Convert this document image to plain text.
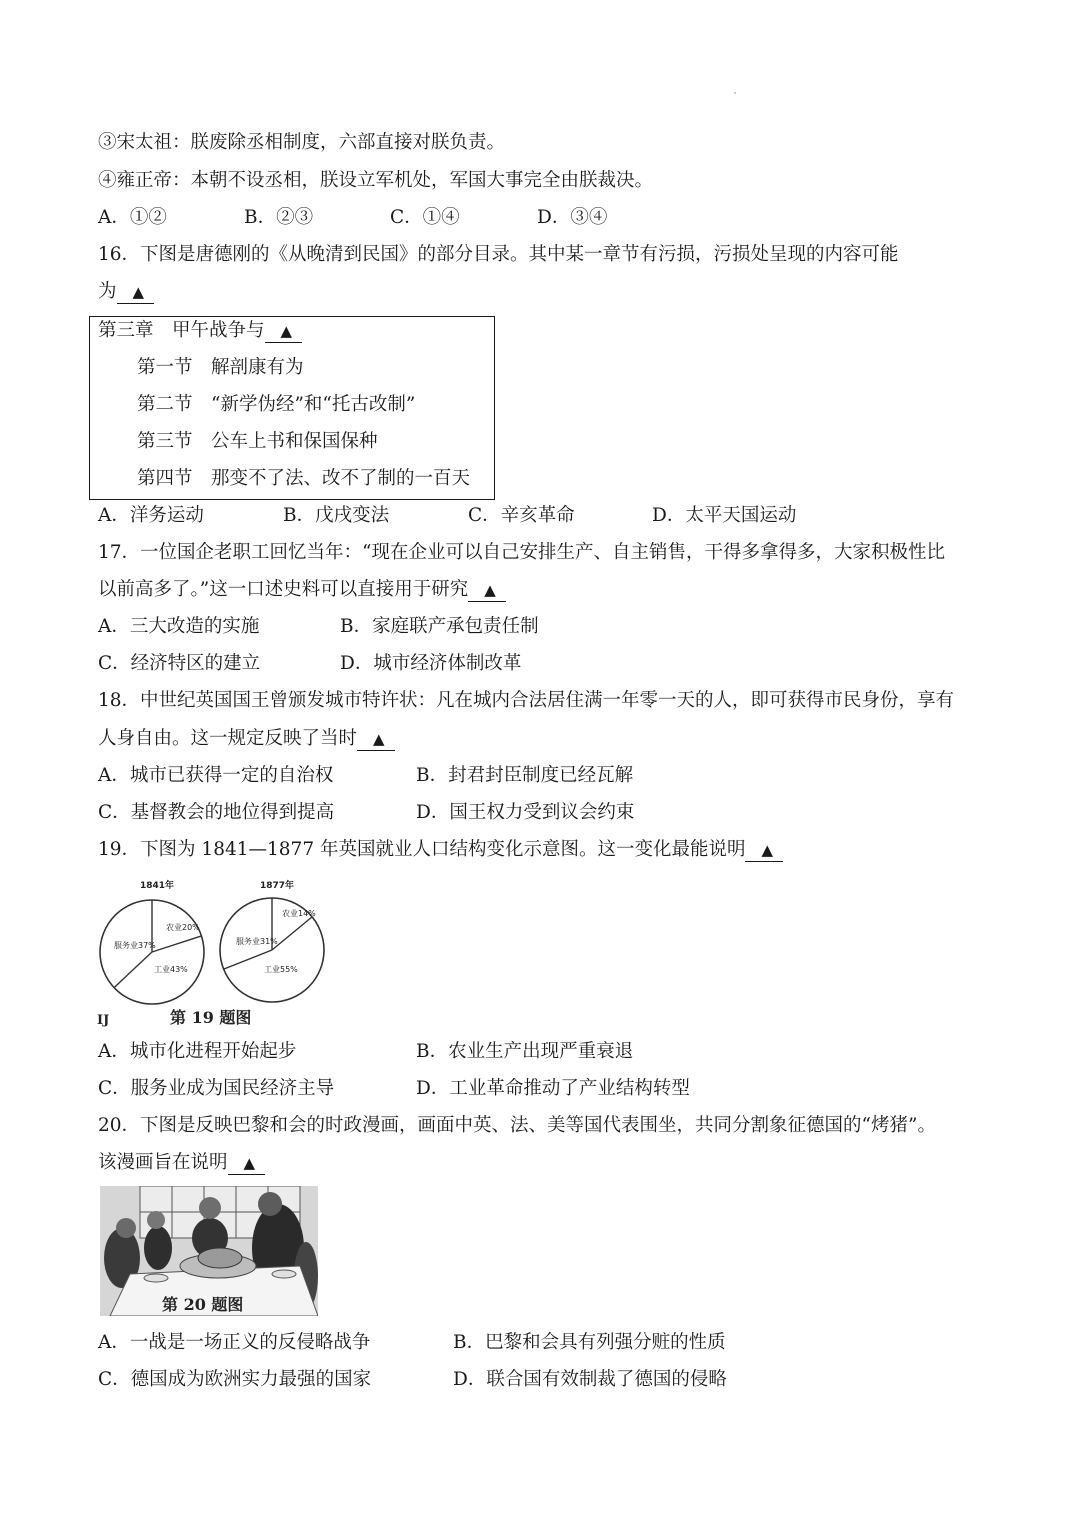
③宋太祖：朕废除丞相制度，六部直接对朕负责。
④雍正帝：本朝不设丞相，朕设立军机处，军国大事完全由朕裁决。
A．①②	B．②③	C．①④	D．③④
16．下图是唐德刚的《从晚清到民国》的部分目录。其中某一章节有污损，污损处呈现的内容可能
为 ▲
第三章　甲午战争与 ▲
第一节　解剖康有为
第二节　“新学伪经”和“托古改制”
第三节　公车上书和保国保种
第四节　那变不了法、改不了制的一百天
A．洋务运动	B．戊戌变法	C．辛亥革命	D．太平天国运动
17．一位国企老职工回忆当年：“现在企业可以自己安排生产、自主销售，干得多拿得多，大家积极性比
以前高多了。”这一口述史料可以直接用于研究 ▲
A．三大改造的实施	B．家庭联产承包责任制
C．经济特区的建立	D．城市经济体制改革
18．中世纪英国国王曾颁发城市特许状：凡在城内合法居住满一年零一天的人，即可获得市民身份，享有
人身自由。这一规定反映了当时 ▲
A．城市已获得一定的自治权	B．封君封臣制度已经瓦解
C．基督教会的地位得到提高	D．国王权力受到议会约束
19．下图为 1841—1877 年英国就业人口结构变化示意图。这一变化最能说明 ▲
1841年
农业20%
工业43%
服务业37%
1877年
农业14%
工业55%
服务业31%
IJ	第 19 题图
A．城市化进程开始起步	B．农业生产出现严重衰退
C．服务业成为国民经济主导	D．工业革命推动了产业结构转型
20．下图是反映巴黎和会的时政漫画，画面中英、法、美等国代表围坐，共同分割象征德国的“烤猪”。
该漫画旨在说明 ▲
第 20 题图
A．一战是一场正义的反侵略战争	B．巴黎和会具有列强分赃的性质
C．德国成为欧洲实力最强的国家	D．联合国有效制裁了德国的侵略
